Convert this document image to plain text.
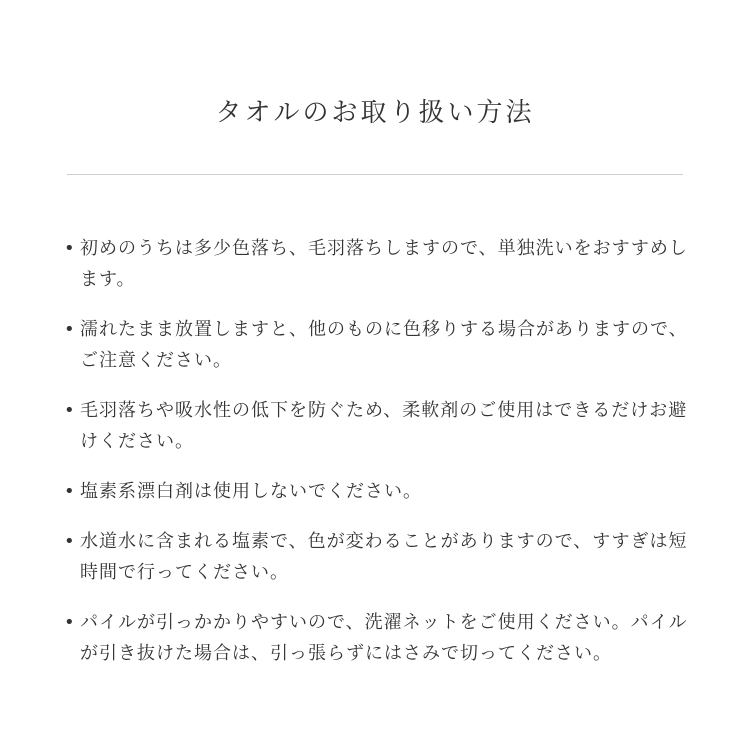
タオルのお取り扱い方法
• 初めのうちは多少色落ち、毛羽落ちしますので、単独洗いをおすすめします。
• 濡れたまま放置しますと、他のものに色移りする場合がありますので、ご注意ください。
• 毛羽落ちや吸水性の低下を防ぐため、柔軟剤のご使用はできるだけお避けください。
• 塩素系漂白剤は使用しないでください。
• 水道水に含まれる塩素で、色が変わることがありますので、すすぎは短時間で行ってください。
• パイルが引っかかりやすいので、洗濯ネットをご使用ください。パイルが引き抜けた場合は、引っ張らずにはさみで切ってください。
